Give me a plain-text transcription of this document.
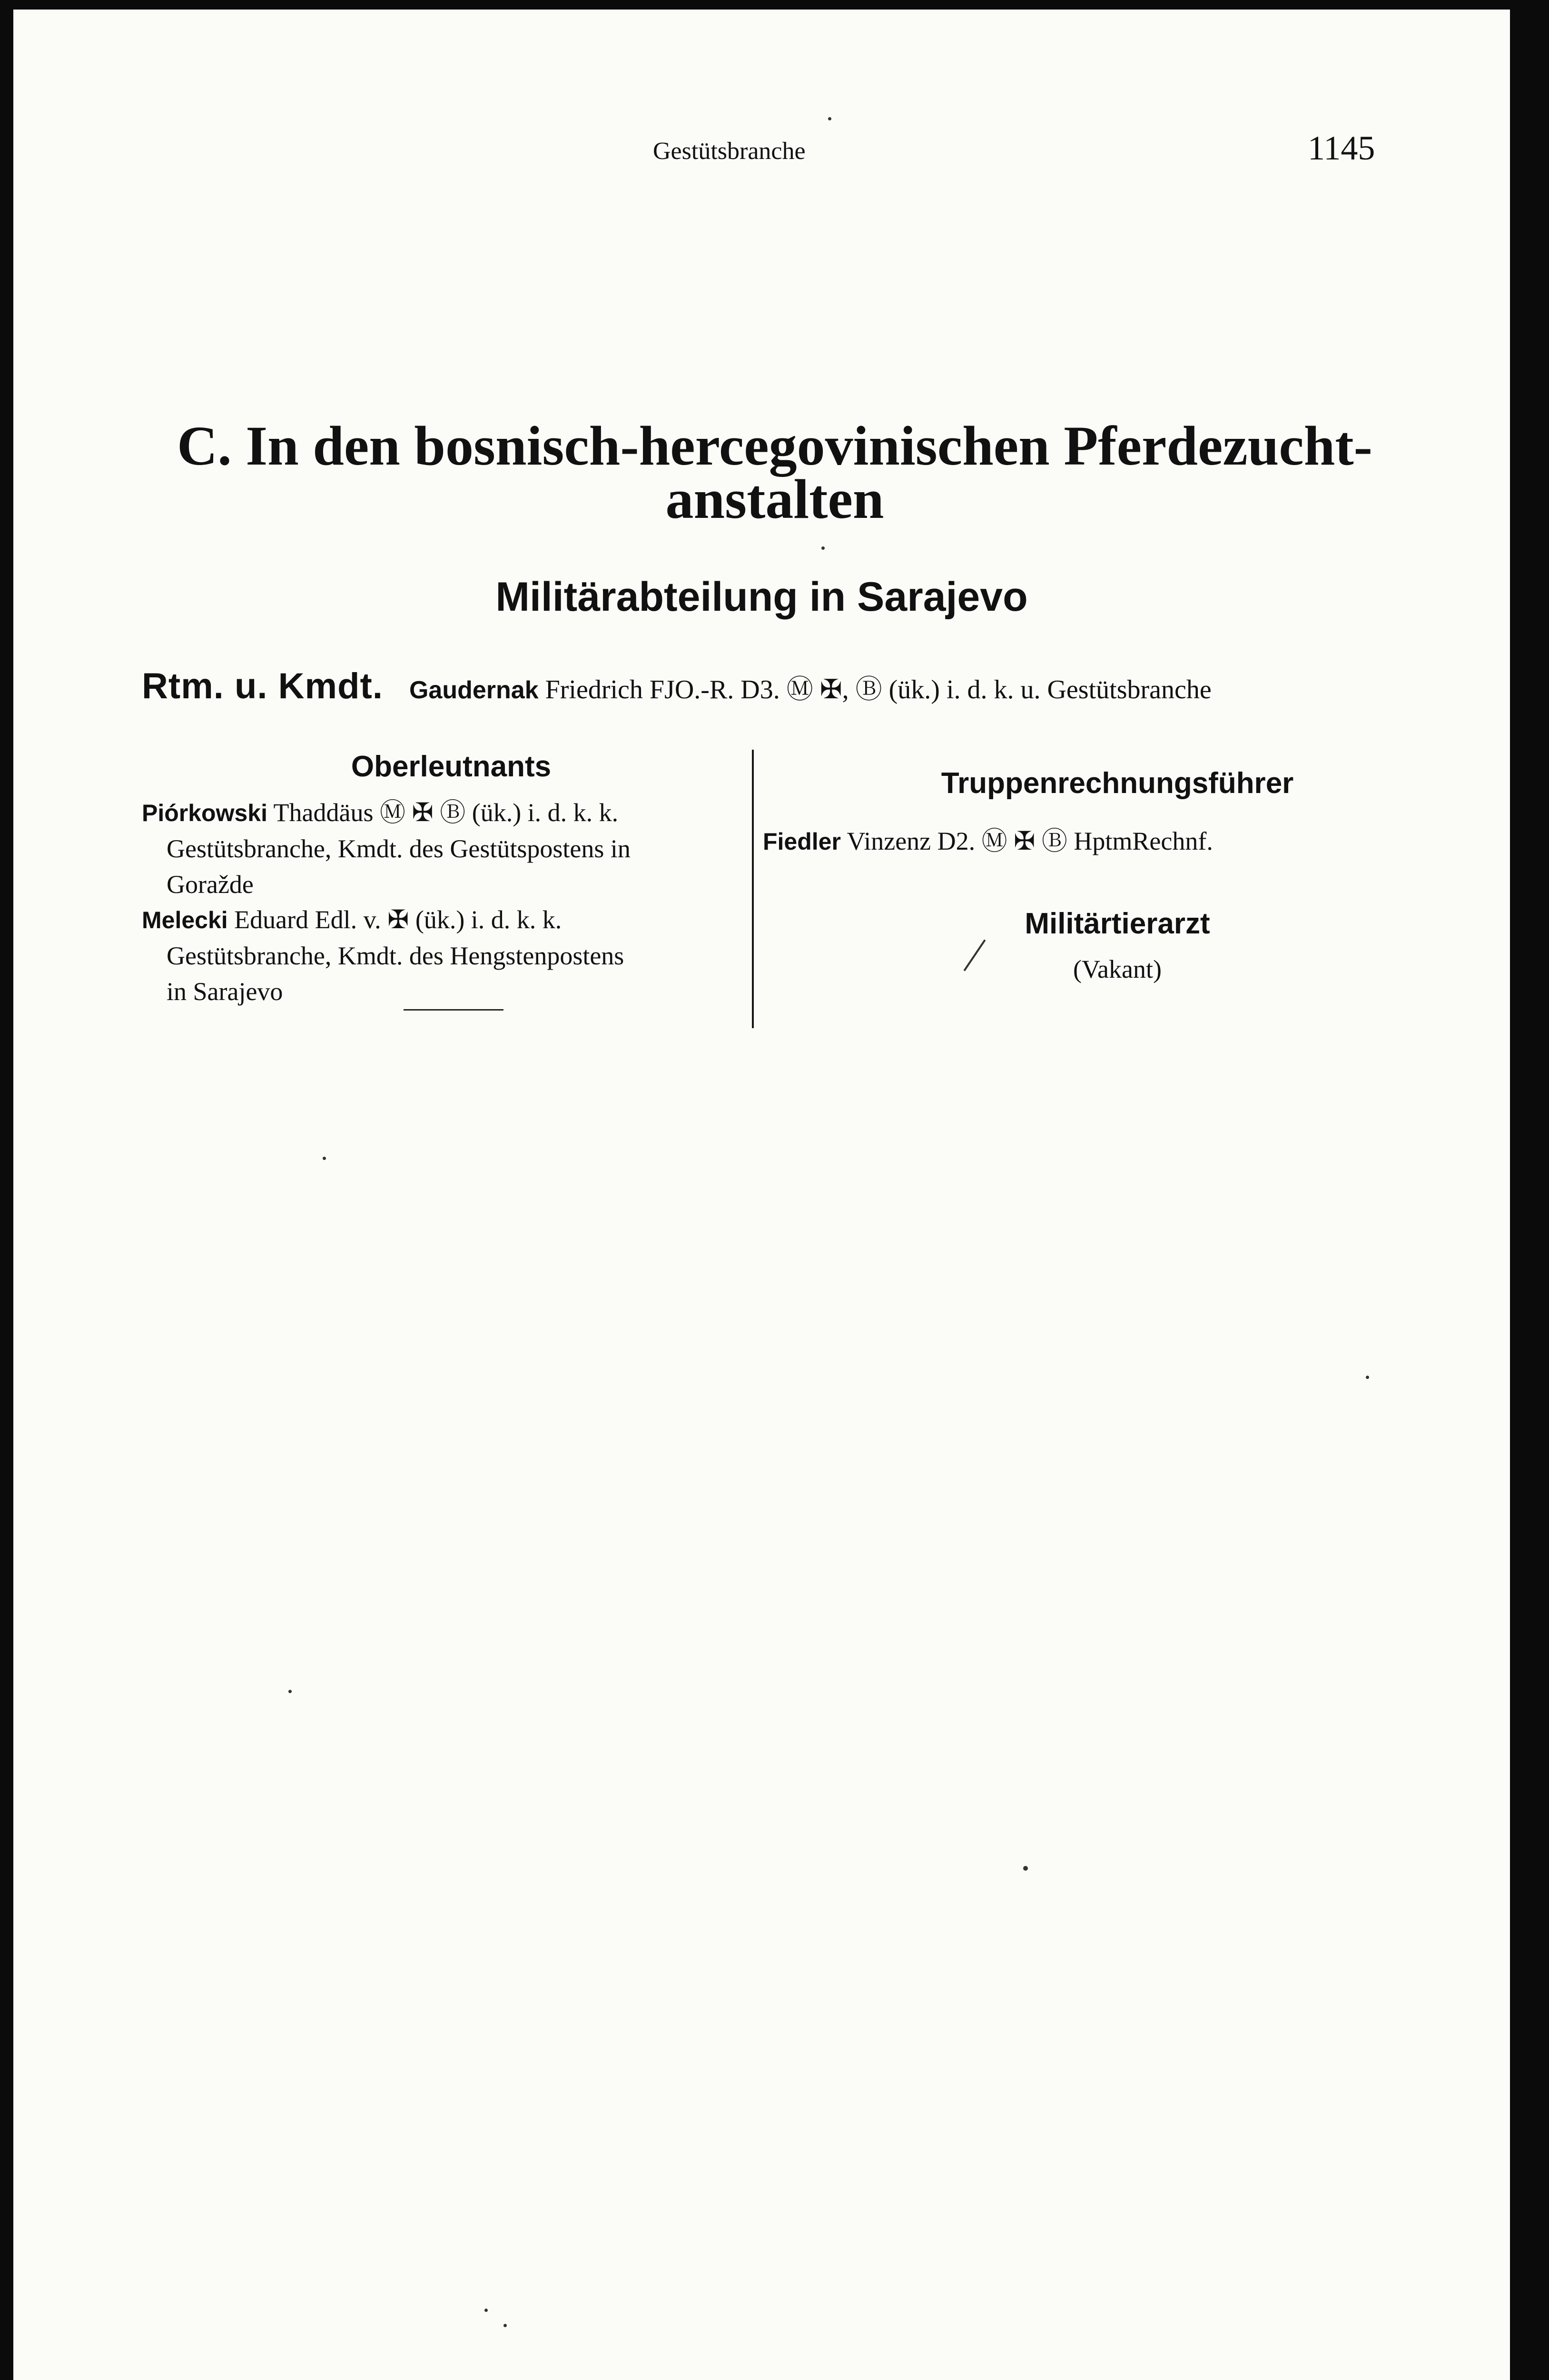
Gestütsbranche	1145
C. In den bosnisch-hercegovinischen Pferdezucht-
anstalten
Militärabteilung in Sarajevo
Rtm. u. Kmdt. Gaudernak Friedrich FJO.-R. D3. Ⓜ ✠, Ⓑ (ük.) i. d. k. u. Gestütsbranche
Oberleutnants
Piórkowski Thaddäus Ⓜ ✠ Ⓑ (ük.) i. d. k. k.
Gestütsbranche, Kmdt. des Gestütspostens in
Goražde
Melecki Eduard Edl. v. ✠ (ük.) i. d. k. k.
Gestütsbranche, Kmdt. des Hengstenpostens
in Sarajevo
Truppenrechnungsführer
Fiedler Vinzenz D2. Ⓜ ✠ Ⓑ HptmRechnf.
Militärtierarzt
(Vakant)
